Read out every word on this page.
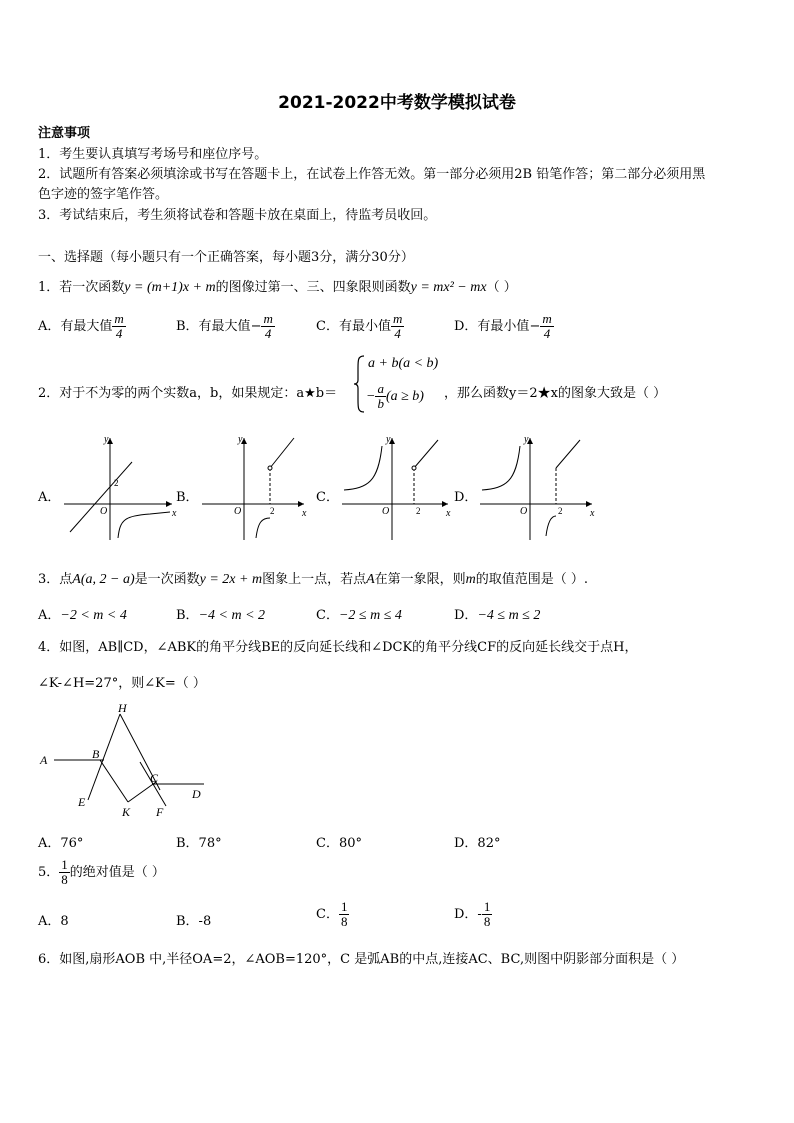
2021-2022中考数学模拟试卷
注意事项
1．考生要认真填写考场号和座位序号。
2．试题所有答案必须填涂或书写在答题卡上，在试卷上作答无效。第一部分必须用2B 铅笔作答；第二部分必须用黑
色字迹的签字笔作答。
3．考试结束后，考生须将试卷和答题卡放在桌面上，待监考员收回。
一、选择题（每小题只有一个正确答案，每小题3分，满分30分）
1．若一次函数y = (m+1)x + m的图像过第一、三、四象限则函数y = mx² − mx（ ）
A．有最大值 $\frac{m}{4}$	B．有最大值− $\frac{m}{4}$	C．有最小值 $\frac{m}{4}$	D．有最小值− $\frac{m}{4}$
2．对于不为零的两个实数a，b，如果规定：a★b＝
a + b(a < b)
− $\frac{a}{b} (a \ge b)$ ，那么函数y＝2★x的图象大致是（ ）
A．
y
x
O
2
B．
y
x
O	2
C．
y
x
O	2
D．
y
x
O	2
3．点A(a, 2 − a)是一次函数y = 2x + m图象上一点，若点A在第一象限，则m的取值范围是（ ）.
A．−2 < m < 4	B．−4 < m < 2	C．−2 ≤ m ≤ 4	D．−4 ≤ m ≤ 2
4．如图，AB∥CD，∠ABK的角平分线BE的反向延长线和∠DCK的角平分线CF的反向延长线交于点H，
∠K-∠H=27°，则∠K=（ ）
H
A	B
C
D
E
K F
A．76°	B．78°	C．80°	D．82°
5． $\frac{1}{8}$ 的绝对值是（ ）
A．8	B．-8	C． $\frac{1}{8}$	D．- $\frac{1}{8}$
6．如图,扇形AOB 中,半径OA=2，∠AOB=120°，C 是弧AB的中点,连接AC、BC,则图中阴影部分面积是（ ）
